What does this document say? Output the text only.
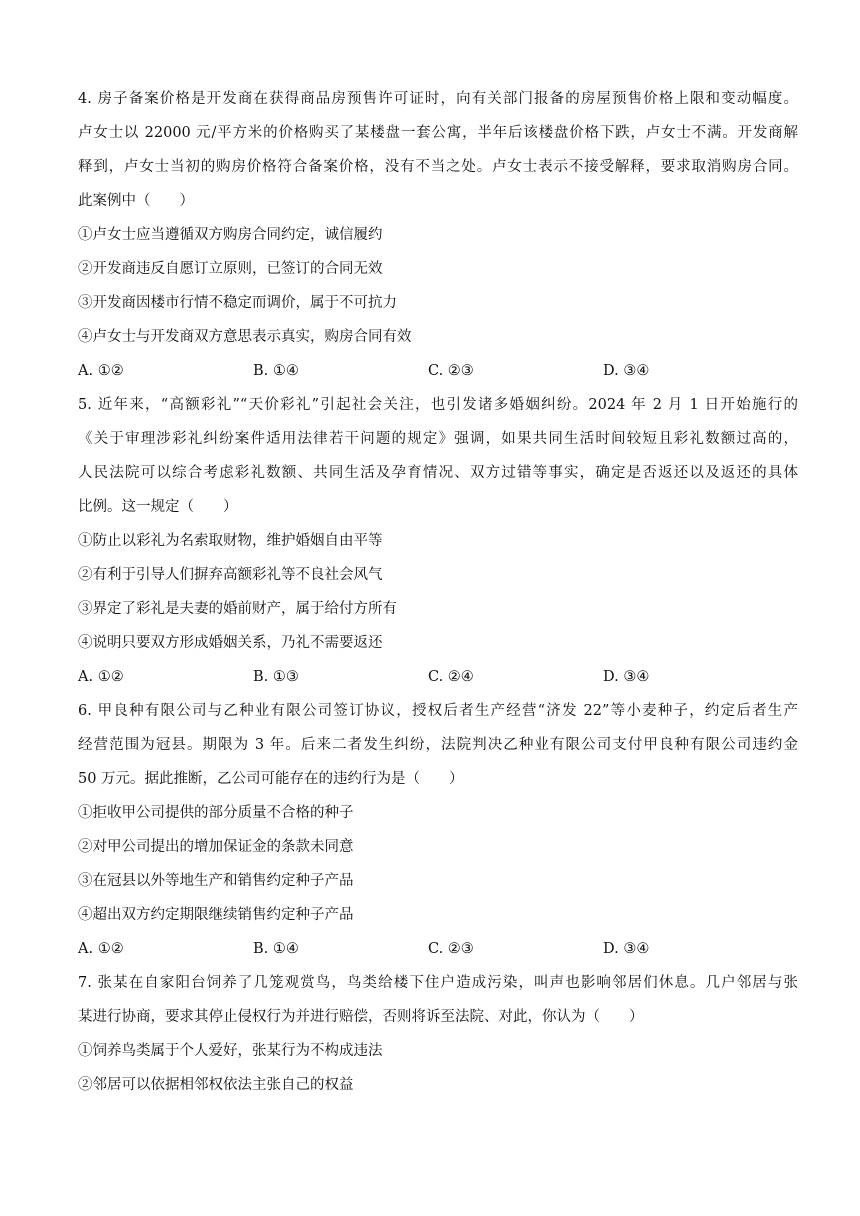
4. 房子备案价格是开发商在获得商品房预售许可证时，向有关部门报备的房屋预售价格上限和变动幅度。
卢女士以 22000 元/平方米的价格购买了某楼盘一套公寓，半年后该楼盘价格下跌，卢女士不满。开发商解
释到，卢女士当初的购房价格符合备案价格，没有不当之处。卢女士表示不接受解释，要求取消购房合同。
此案例中（　　）
①卢女士应当遵循双方购房合同约定，诚信履约
②开发商违反自愿订立原则，已签订的合同无效
③开发商因楼市行情不稳定而调价，属于不可抗力
④卢女士与开发商双方意思表示真实，购房合同有效
A. ①②	B. ①④	C. ②③	D. ③④
5. 近年来，“高额彩礼”“天价彩礼”引起社会关注，也引发诸多婚姻纠纷。2024 年 2 月 1 日开始施行的
《关于审理涉彩礼纠纷案件适用法律若干问题的规定》强调，如果共同生活时间较短且彩礼数额过高的，
人民法院可以综合考虑彩礼数额、共同生活及孕育情况、双方过错等事实，确定是否返还以及返还的具体
比例。这一规定（　　）
①防止以彩礼为名索取财物，维护婚姻自由平等
②有利于引导人们摒弃高额彩礼等不良社会风气
③界定了彩礼是夫妻的婚前财产，属于给付方所有
④说明只要双方形成婚姻关系，乃礼不需要返还
A. ①②	B. ①③	C. ②④	D. ③④
6. 甲良种有限公司与乙种业有限公司签订协议，授权后者生产经营“济发 22”等小麦种子，约定后者生产
经营范围为冠县。期限为 3 年。后来二者发生纠纷，法院判决乙种业有限公司支付甲良种有限公司违约金
50 万元。据此推断，乙公司可能存在的违约行为是（　　）
①拒收甲公司提供的部分质量不合格的种子
②对甲公司提出的增加保证金的条款未同意
③在冠县以外等地生产和销售约定种子产品
④超出双方约定期限继续销售约定种子产品
A. ①②	B. ①④	C. ②③	D. ③④
7. 张某在自家阳台饲养了几笼观赏鸟，鸟类给楼下住户造成污染，叫声也影响邻居们休息。几户邻居与张
某进行协商，要求其停止侵权行为并进行赔偿，否则将诉至法院、对此，你认为（　　）
①饲养鸟类属于个人爱好，张某行为不构成违法
②邻居可以依据相邻权依法主张自己的权益
